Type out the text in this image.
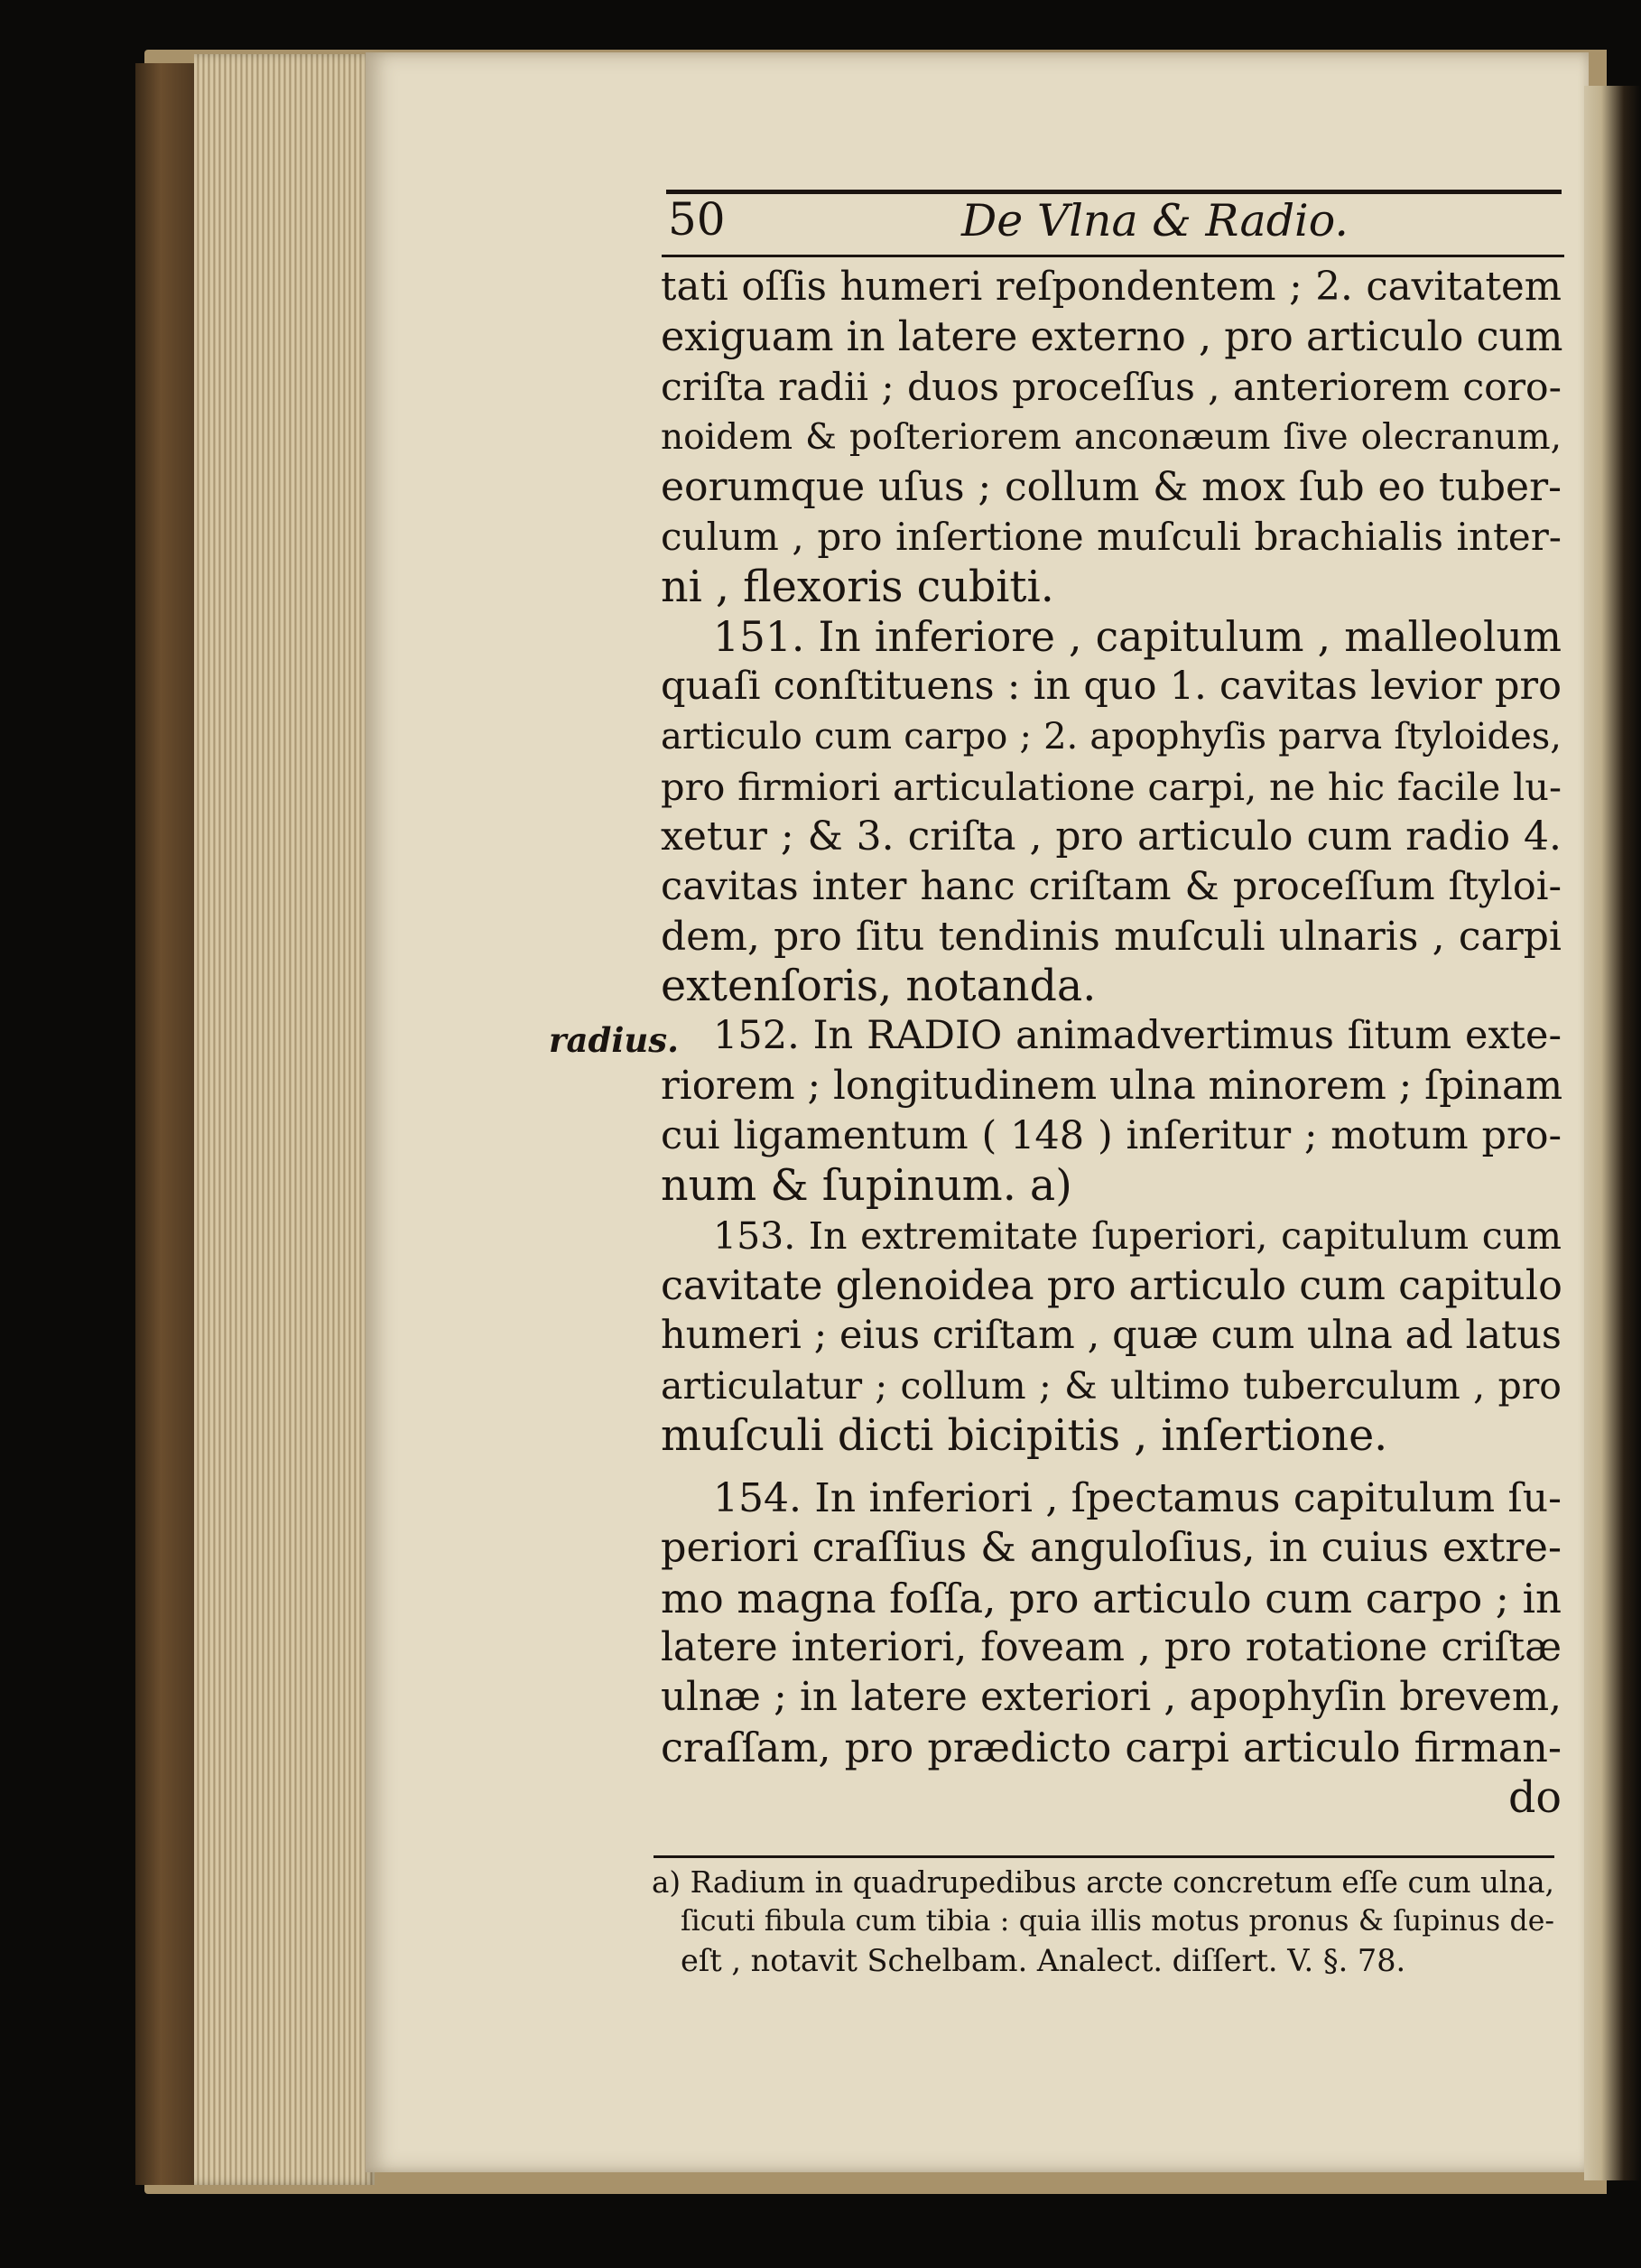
50	De Vlna & Radio.
radius.
tati oſſis humeri reſpondentem ; 2. cavitatem
exiguam in latere externo , pro articulo cum
criſta radii ; duos proceſſus , anteriorem coro-
noidem & poſteriorem anconæum ſive olecranum,
eorumque uſus ; collum & mox ſub eo tuber-
culum , pro inſertione muſculi brachialis inter-
ni , flexoris cubiti.
151. In inferiore , capitulum , malleolum
quaſi conſtituens : in quo 1. cavitas levior pro
articulo cum carpo ; 2. apophyſis parva ſtyloides,
pro firmiori articulatione carpi, ne hic facile lu-
xetur ; & 3. criſta , pro articulo cum radio 4.
cavitas inter hanc criſtam & proceſſum ſtyloi-
dem, pro ſitu tendinis muſculi ulnaris , carpi
extenſoris, notanda.
152. In RADIO animadvertimus ſitum exte-
riorem ; longitudinem ulna minorem ; ſpinam
cui ligamentum ( 148 ) inſeritur ; motum pro-
num & ſupinum. a)
153. In extremitate ſuperiori, capitulum cum
cavitate glenoidea pro articulo cum capitulo
humeri ; eius criſtam , quæ cum ulna ad latus
articulatur ; collum ; & ultimo tuberculum , pro
muſculi dicti bicipitis , inſertione.
154. In inferiori , ſpectamus capitulum ſu-
periori craſſius & anguloſius, in cuius extre-
mo magna foſſa, pro articulo cum carpo ; in
latere interiori, foveam , pro rotatione criſtæ
ulnæ ; in latere exteriori , apophyſin brevem,
craſſam, pro prædicto carpi articulo firman-
do
a) Radium in quadrupedibus arcte concretum eſſe cum ulna,
ſicuti fibula cum tibia : quia illis motus pronus & ſupinus de-
eſt , notavit Schelbam. Analect. diſſert. V. §. 78.
